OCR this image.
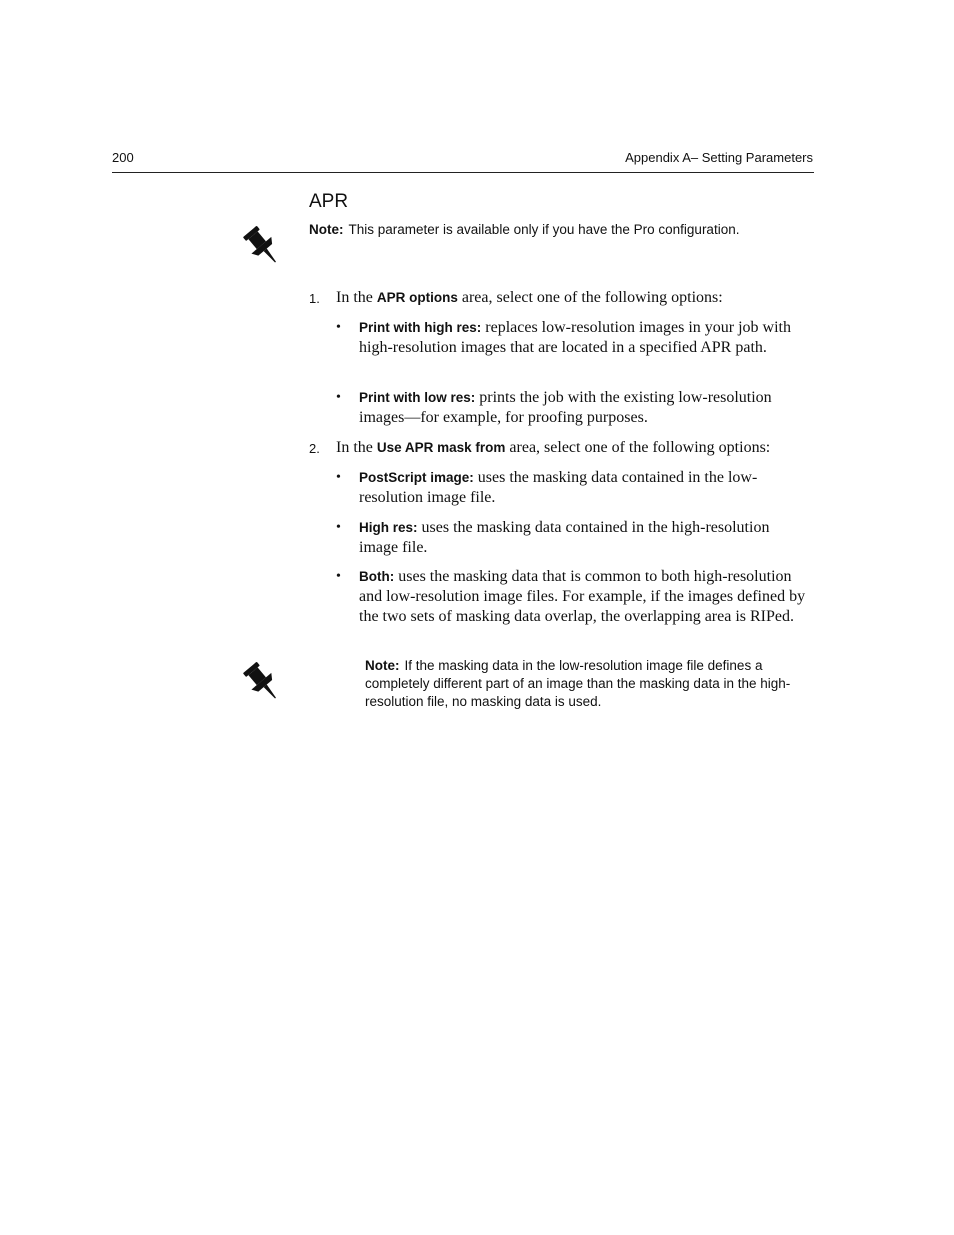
200	Appendix A– Setting Parameters
APR
Note: This parameter is available only if you have the Pro configuration.
1. In the APR options area, select one of the following options:
• Print with high res: replaces low-resolution images in your job with high-resolution images that are located in a specified APR path.
• Print with low res: prints the job with the existing low-resolution images—for example, for proofing purposes.
2. In the Use APR mask from area, select one of the following options:
• PostScript image: uses the masking data contained in the low-resolution image file.
• High res: uses the masking data contained in the high-resolution image file.
• Both: uses the masking data that is common to both high-resolution and low-resolution image files. For example, if the images defined by the two sets of masking data overlap, the overlapping area is RIPed.
Note: If the masking data in the low-resolution image file defines a completely different part of an image than the masking data in the high-resolution file, no masking data is used.
